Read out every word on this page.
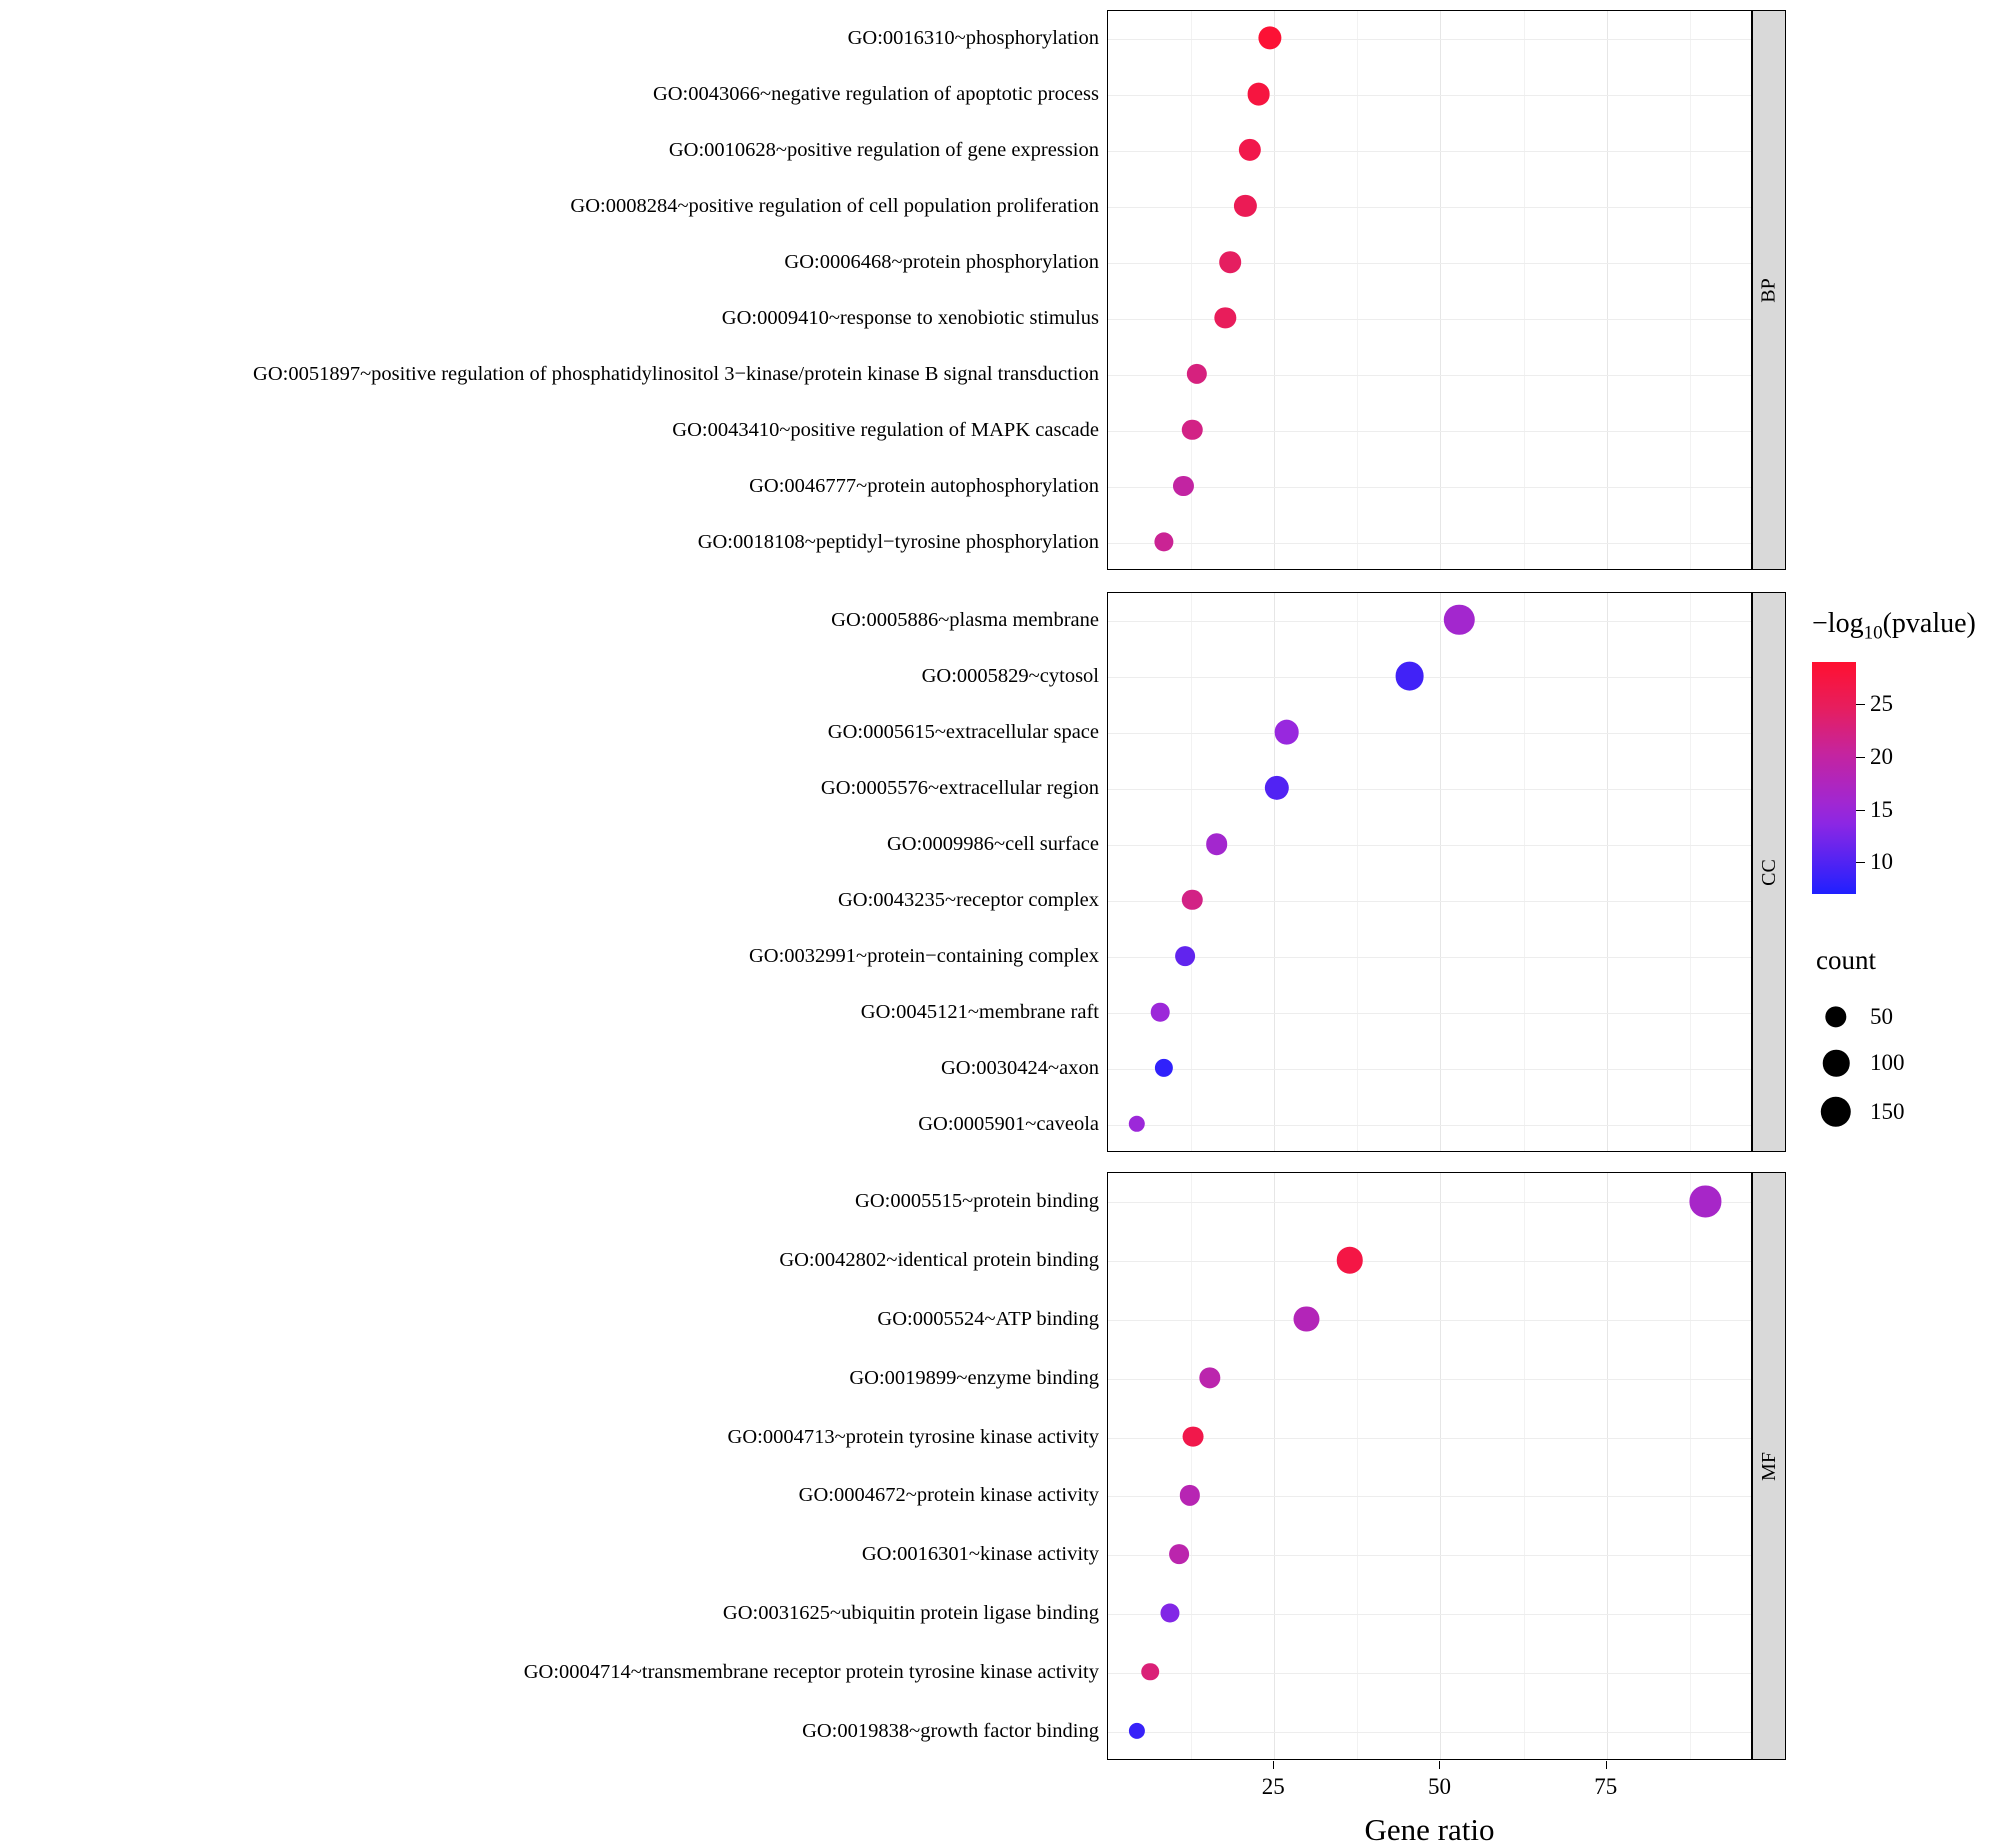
GO:0016310~phosphorylation
GO:0043066~negative regulation of apoptotic process
GO:0010628~positive regulation of gene expression
GO:0008284~positive regulation of cell population proliferation
GO:0006468~protein phosphorylation
GO:0009410~response to xenobiotic stimulus
GO:0051897~positive regulation of phosphatidylinositol 3−kinase/protein kinase B signal transduction
GO:0043410~positive regulation of MAPK cascade
GO:0046777~protein autophosphorylation
GO:0018108~peptidyl−tyrosine phosphorylation
BP
GO:0005886~plasma membrane
GO:0005829~cytosol
GO:0005615~extracellular space
GO:0005576~extracellular region
GO:0009986~cell surface
GO:0043235~receptor complex
GO:0032991~protein−containing complex
GO:0045121~membrane raft
GO:0030424~axon
GO:0005901~caveola
CC
GO:0005515~protein binding
GO:0042802~identical protein binding
GO:0005524~ATP binding
GO:0019899~enzyme binding
GO:0004713~protein tyrosine kinase activity
GO:0004672~protein kinase activity
GO:0016301~kinase activity
GO:0031625~ubiquitin protein ligase binding
GO:0004714~transmembrane receptor protein tyrosine kinase activity
GO:0019838~growth factor binding
MF
25	50	75
Gene ratio
$-\log_{10}(pvalue)$
10
15
20
25
count
50
100
150
